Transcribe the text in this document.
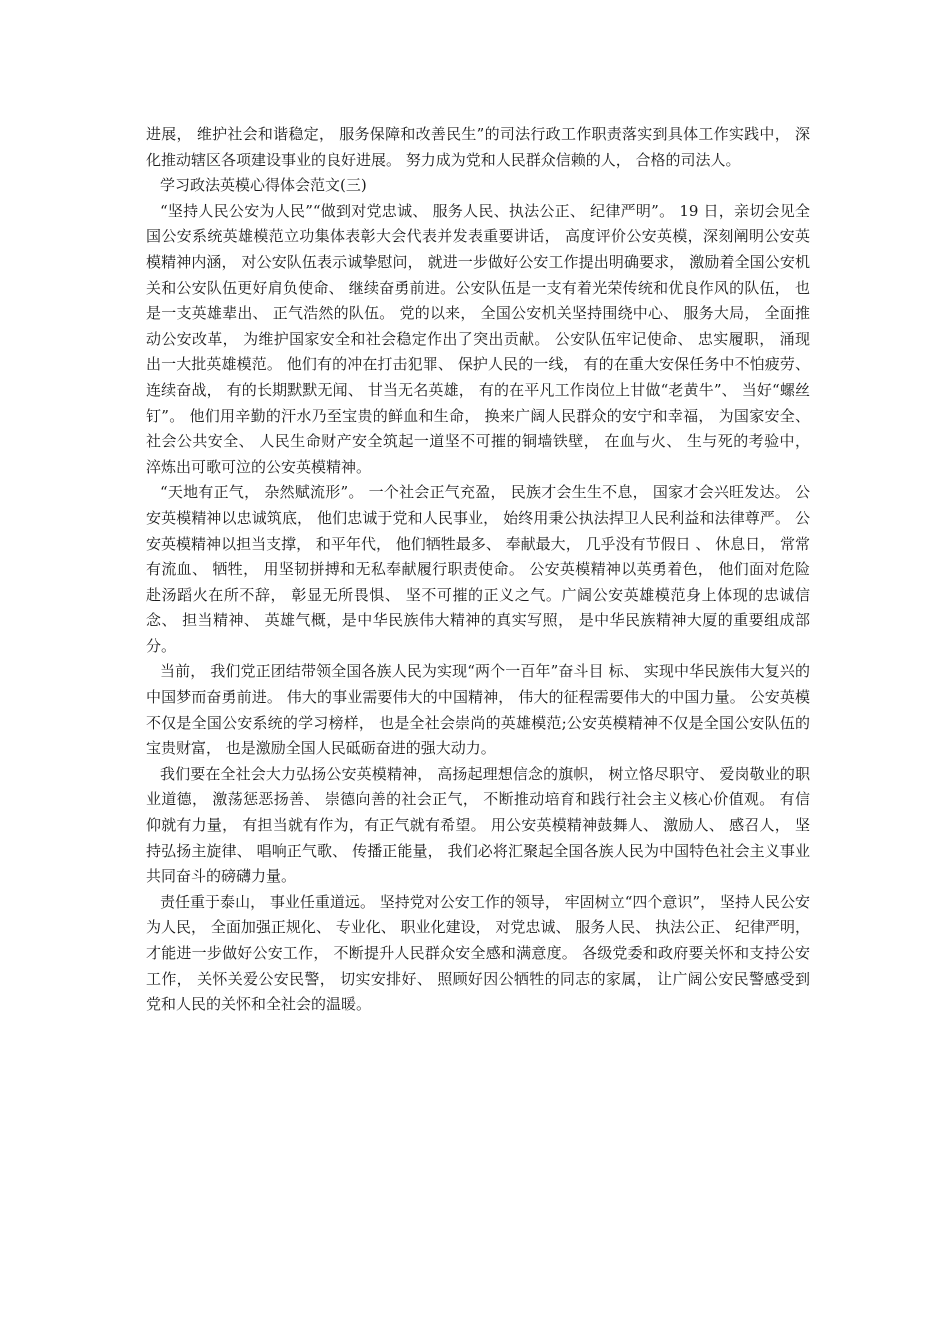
进展， 维护社会和谐稳定， 服务保障和改善民生”的司法行政工作职责落实到具体工作实践中， 深化推动辖区各项建设事业的良好进展。 努力成为党和人民群众信赖的人， 合格的司法人。

学习政法英模心得体会范文(三)

“坚持人民公安为人民”“做到对党忠诚、 服务人民、执法公正、 纪律严明”。 19 日，亲切会见全国公安系统英雄模范立功集体表彰大会代表并发表重要讲话， 高度评价公安英模，深刻阐明公安英模精神内涵， 对公安队伍表示诚挚慰问， 就进一步做好公安工作提出明确要求， 激励着全国公安机关和公安队伍更好肩负使命、 继续奋勇前进。公安队伍是一支有着光荣传统和优良作风的队伍， 也是一支英雄辈出、 正气浩然的队伍。 党的以来， 全国公安机关坚持围绕中心、 服务大局， 全面推动公安改革， 为维护国家安全和社会稳定作出了突出贡献。 公安队伍牢记使命、 忠实履职， 涌现出一大批英雄模范。 他们有的冲在打击犯罪、 保护人民的一线， 有的在重大安保任务中不怕疲劳、 连续奋战， 有的长期默默无闻、 甘当无名英雄， 有的在平凡工作岗位上甘做“老黄牛”、 当好“螺丝钉”。 他们用辛勤的汗水乃至宝贵的鲜血和生命， 换来广阔人民群众的安宁和幸福， 为国家安全、 社会公共安全、 人民生命财产安全筑起一道坚不可摧的铜墙铁壁， 在血与火、 生与死的考验中， 淬炼出可歌可泣的公安英模精神。

“天地有正气， 杂然赋流形”。 一个社会正气充盈， 民族才会生生不息， 国家才会兴旺发达。 公安英模精神以忠诚筑底， 他们忠诚于党和人民事业， 始终用秉公执法捍卫人民利益和法律尊严。 公安英模精神以担当支撑， 和平年代， 他们牺牲最多、 奉献最大， 几乎没有节假日 、 休息日， 常常有流血、 牺牲， 用坚韧拼搏和无私奉献履行职责使命。 公安英模精神以英勇着色， 他们面对危险赴汤蹈火在所不辞， 彰显无所畏惧、 坚不可摧的正义之气。广阔公安英雄模范身上体现的忠诚信念、 担当精神、 英雄气概，是中华民族伟大精神的真实写照， 是中华民族精神大厦的重要组成部分。

当前， 我们党正团结带领全国各族人民为实现“两个一百年”奋斗目 标、 实现中华民族伟大复兴的中国梦而奋勇前进。 伟大的事业需要伟大的中国精神， 伟大的征程需要伟大的中国力量。 公安英模不仅是全国公安系统的学习榜样， 也是全社会崇尚的英雄模范;公安英模精神不仅是全国公安队伍的宝贵财富， 也是激励全国人民砥砺奋进的强大动力。

我们要在全社会大力弘扬公安英模精神， 高扬起理想信念的旗帜， 树立恪尽职守、 爱岗敬业的职业道德， 激荡惩恶扬善、 崇德向善的社会正气， 不断推动培育和践行社会主义核心价值观。 有信仰就有力量， 有担当就有作为，有正气就有希望。 用公安英模精神鼓舞人、 激励人、 感召人， 坚持弘扬主旋律、 唱响正气歌、 传播正能量， 我们必将汇聚起全国各族人民为中国特色社会主义事业共同奋斗的磅礴力量。

责任重于泰山， 事业任重道远。 坚持党对公安工作的领导， 牢固树立“四个意识”， 坚持人民公安为人民， 全面加强正规化、 专业化、 职业化建设， 对党忠诚、 服务人民、 执法公正、 纪律严明， 才能进一步做好公安工作， 不断提升人民群众安全感和满意度。 各级党委和政府要关怀和支持公安工作， 关怀关爱公安民警， 切实安排好、 照顾好因公牺牲的同志的家属， 让广阔公安民警感受到党和人民的关怀和全社会的温暖。
